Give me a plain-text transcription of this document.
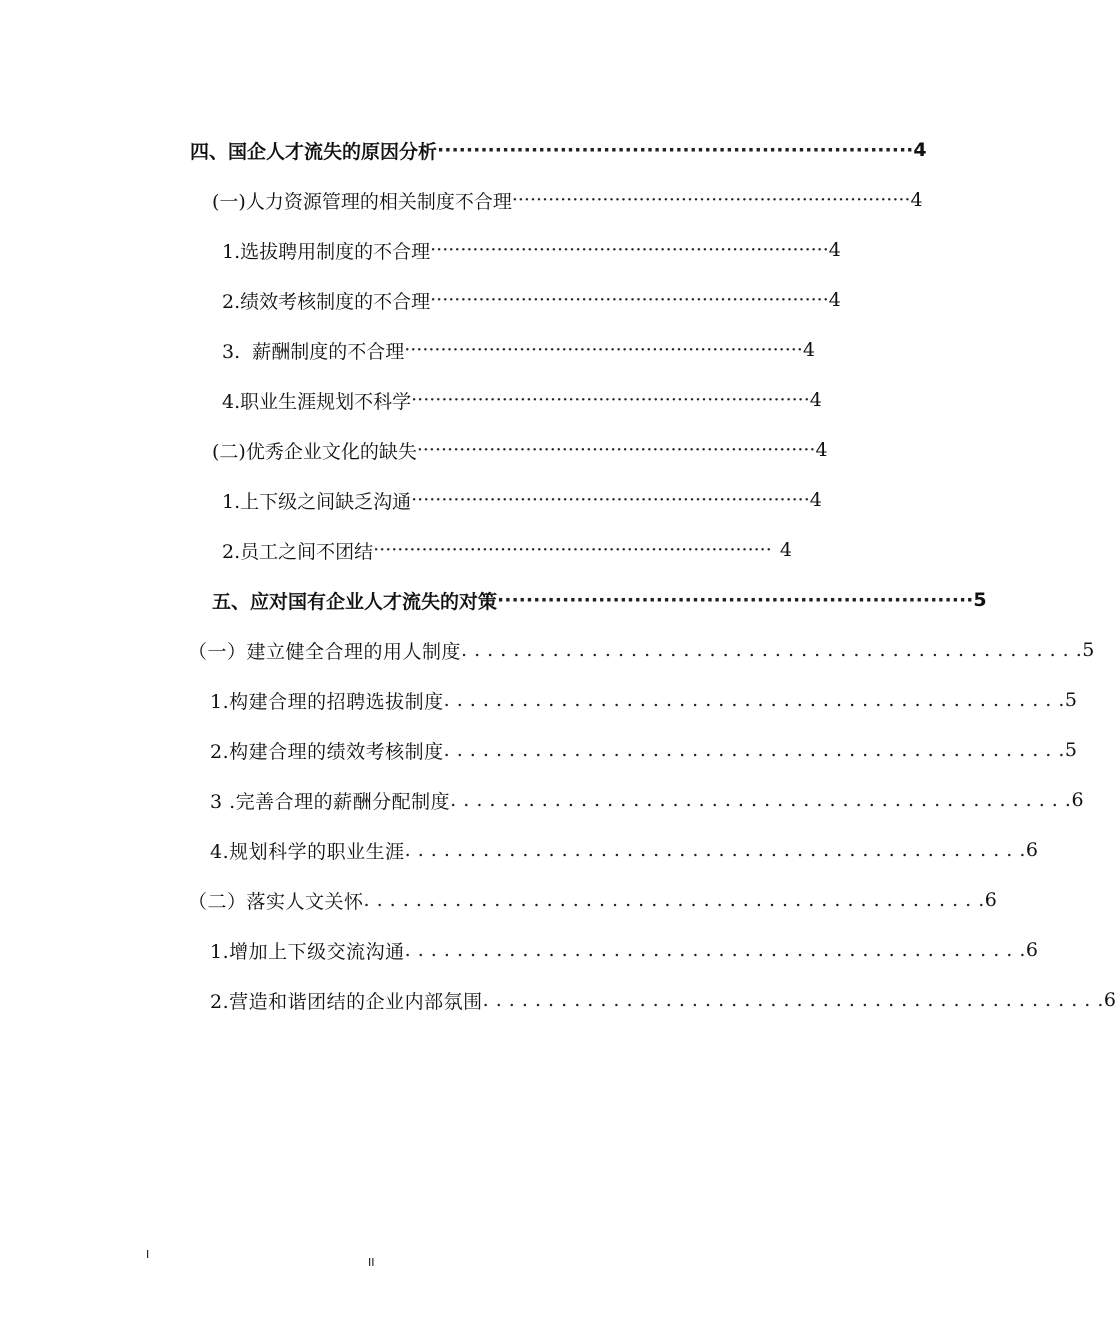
四、国企人才流失的原因分析 ·································································· 4
(一)人力资源管理的相关制度不合理 ·································································· 4
1.选拔聘用制度的不合理 ·································································· 4
2.绩效考核制度的不合理 ·································································· 4
3.  薪酬制度的不合理 ·································································· 4
4.职业生涯规划不科学 ·································································· 4
(二)优秀企业文化的缺失 ·································································· 4
1.上下级之间缺乏沟通 ·································································· 4
2.员工之间不团结 ·································································· 4
五、应对国有企业人才流失的对策 ·································································· 5
（一）建立健全合理的用人制度 . . . . . . . . . . . . . . . . . . . . . . . . . . . . . . . . . . . . . . . . . . . . . . . . 5
1.构建合理的招聘选拔制度 . . . . . . . . . . . . . . . . . . . . . . . . . . . . . . . . . . . . . . . . . . . . . . . . 5
2.构建合理的绩效考核制度 . . . . . . . . . . . . . . . . . . . . . . . . . . . . . . . . . . . . . . . . . . . . . . . . 5
3 .完善合理的薪酬分配制度 . . . . . . . . . . . . . . . . . . . . . . . . . . . . . . . . . . . . . . . . . . . . . . . . 6
4.规划科学的职业生涯 . . . . . . . . . . . . . . . . . . . . . . . . . . . . . . . . . . . . . . . . . . . . . . . . 6
（二）落实人文关怀 . . . . . . . . . . . . . . . . . . . . . . . . . . . . . . . . . . . . . . . . . . . . . . . . 6
1.增加上下级交流沟通 . . . . . . . . . . . . . . . . . . . . . . . . . . . . . . . . . . . . . . . . . . . . . . . . 6
2.营造和谐团结的企业内部氛围 . . . . . . . . . . . . . . . . . . . . . . . . . . . . . . . . . . . . . . . . . . . . . . . . 6
I
II
